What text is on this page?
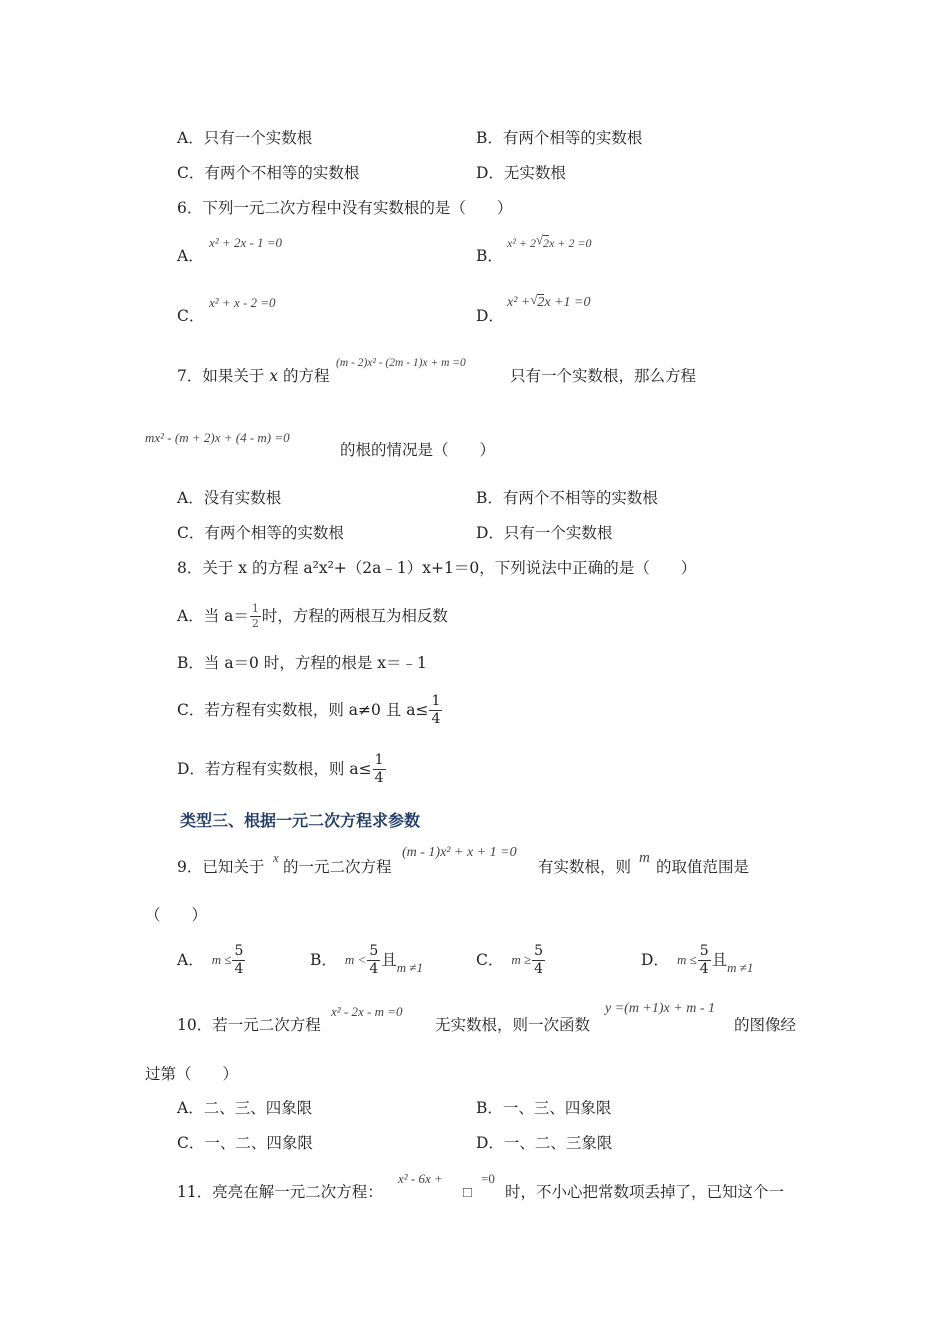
A．只有一个实数根	B．有两个相等的实数根
C．有两个不相等的实数根	D．无实数根
6．下列一元二次方程中没有实数根的是（　　）
A．
x² + 2x - 1 =0
B．
x² + 2 √ 2x + 2 =0
C．
x² + x - 2 =0
D．
x² + √ 2x +1 =0
7．如果关于 x 的方程
(m - 2)x² - (2m - 1)x + m =0
只有一个实数根，那么方程
mx² - (m + 2)x + (4 - m) =0
的根的情况是（　　）
A．没有实数根	B．有两个不相等的实数根
C．有两个相等的实数根	D．只有一个实数根
8．关于 x 的方程 a²x²+（2a﹣1）x+1＝0，下列说法中正确的是（　　）
A．当 $a= \frac{1}{2}$ 时，方程的两根互为相反数
B．当 a＝0 时，方程的根是 x＝﹣1
C．若方程有实数根，则 a≠0 且 $a\le \frac{1}{4}$
D．若方程有实数根，则 $a\le \frac{1}{4}$
类型三、根据一元二次方程求参数
9．已知关于
x
的一元二次方程
(m - 1)x² + x + 1 =0
有实数根，则 m 的取值范围是
（　　）
A． $m \le \frac{5}{4}$	B． $m < \frac{5}{4}$ 且 m ≠1	C． $m \ge \frac{5}{4}$	D． $m \le \frac{5}{4}$ 且 m ≠1
10．若一元二次方程
x² - 2x - m =0
无实数根，则一次函数
y =(m +1)x + m - 1
的图像经
过第（　　）
A．二、三、四象限	B．一、三、四象限
C．一、二、四象限	D．一、二、三象限
11．亮亮在解一元二次方程：
x² - 6x +
□
=0
时，不小心把常数项丢掉了，已知这个一
